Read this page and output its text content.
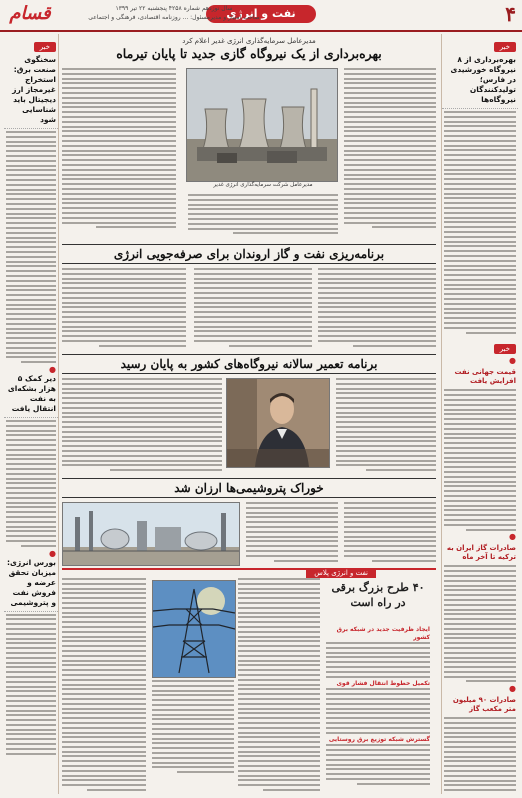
۴
نفت و انرژی
سال نوزدهم شماره ۴۲۵۸ پنجشنبه ۲۲ تیر ۱۳۹۹
صاحب امتیاز و مدیرمسئول: ... روزنامه اقتصادی، فرهنگی و اجتماعی
قسام
خبر
بهره‌برداری از ۸ نیروگاه خورشیدی در فارس؛ تولیدکنندگان نیروگاه‌ها
خبر
●
قیمت جهانی نفت افزایش یافت
●
صادرات گاز ایران به ترکیه تا آخر ماه
●
صادرات ۹۰ میلیون متر مکعب گاز
خبر
سخنگوی صنعت برق: استخراج غیرمجاز ارز دیجیتال باید شناسایی شود
●
دیر کمک ۵ هزار بشکه‌ای به نفت انتقال یافت
●
بورس انرژی: میزبان تحقق عرضه و فروش نفت و پتروشیمی
مدیرعامل سرمایه‌گذاری انرژی غدیر اعلام کرد
بهره‌برداری از یک نیروگاه گازی جدید تا پایان تیرماه
مدیرعامل شرکت سرمایه‌گذاری انرژی غدیر
برنامه‌ریزی نفت و گاز اروندان برای صرفه‌جویی انرژی
برنامه تعمیر سالانه نیروگاه‌های کشور به پایان رسید
خوراک پتروشیمی‌ها ارزان شد
نفت و انرژی پلاس
۴۰ طرح بزرگ برقی در راه است
ایجاد ظرفیت جدید در شبکه برق کشور
تکمیل خطوط انتقال فشار قوی
گسترش شبکه توزیع برق روستایی
